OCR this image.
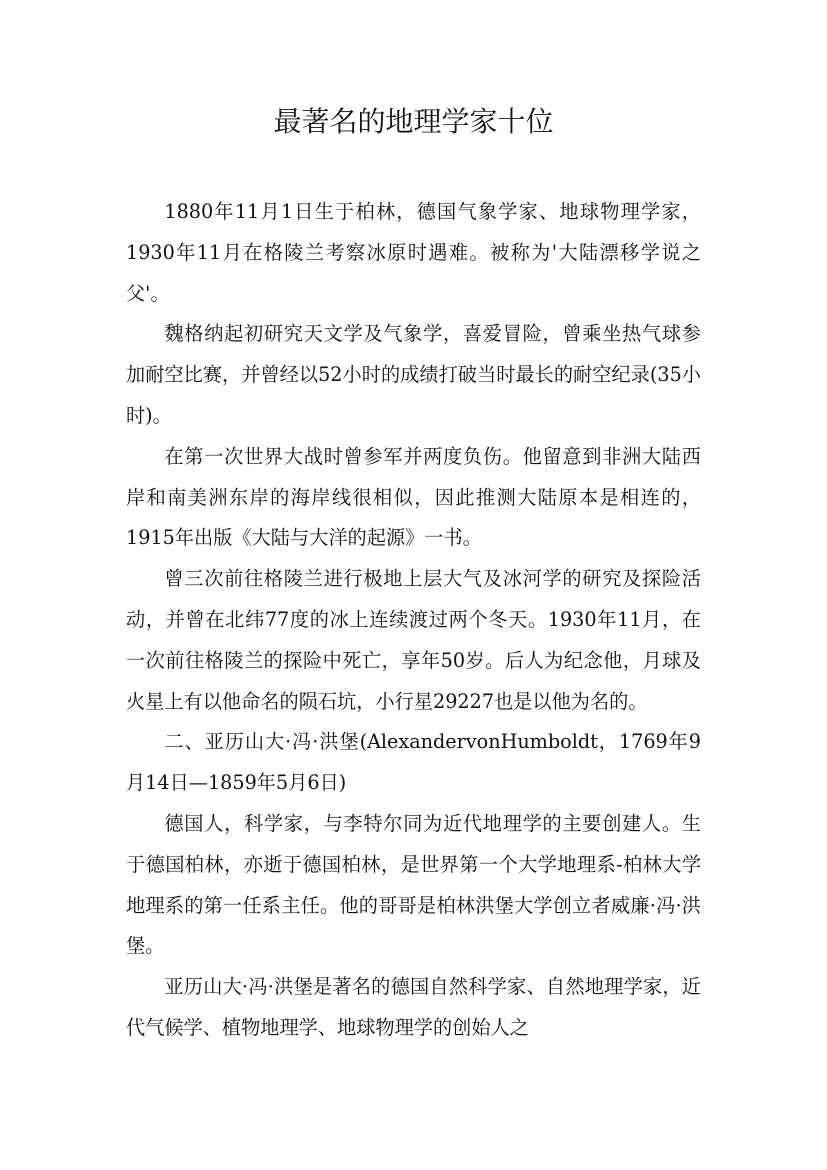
最著名的地理学家十位

1880年11月1日生于柏林，德国气象学家、地球物理学家，1930年11月在格陵兰考察冰原时遇难。被称为'大陆漂移学说之父'。

魏格纳起初研究天文学及气象学，喜爱冒险，曾乘坐热气球参加耐空比赛，并曾经以52小时的成绩打破当时最长的耐空纪录(35小时)。

在第一次世界大战时曾参军并两度负伤。他留意到非洲大陆西岸和南美洲东岸的海岸线很相似，因此推测大陆原本是相连的，1915年出版《大陆与大洋的起源》一书。

曾三次前往格陵兰进行极地上层大气及冰河学的研究及探险活动，并曾在北纬77度的冰上连续渡过两个冬天。1930年11月，在一次前往格陵兰的探险中死亡，享年50岁。后人为纪念他，月球及火星上有以他命名的陨石坑，小行星29227也是以他为名的。

二、亚历山大·冯·洪堡(AlexandervonHumboldt，1769年9月14日—1859年5月6日)

德国人，科学家，与李特尔同为近代地理学的主要创建人。生于德国柏林，亦逝于德国柏林，是世界第一个大学地理系-柏林大学地理系的第一任系主任。他的哥哥是柏林洪堡大学创立者威廉·冯·洪堡。

亚历山大·冯·洪堡是著名的德国自然科学家、自然地理学家，近代气候学、植物地理学、地球物理学的创始人之
